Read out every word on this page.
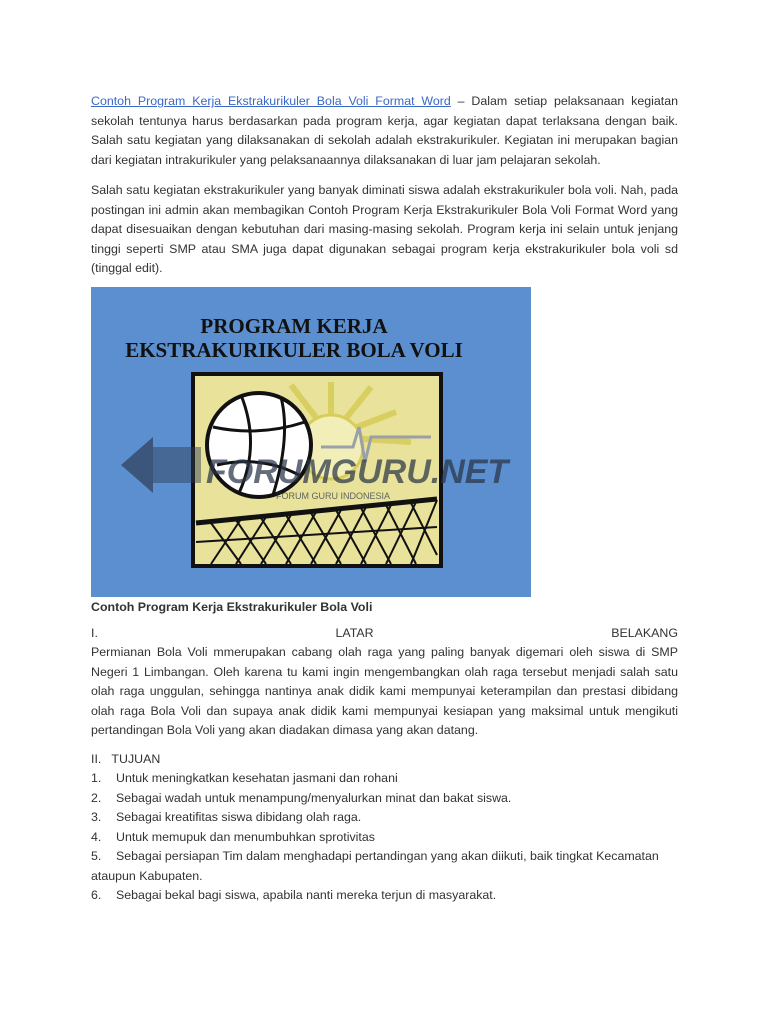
Contoh Program Kerja Ekstrakurikuler Bola Voli Format Word – Dalam setiap pelaksanaan kegiatan sekolah tentunya harus berdasarkan pada program kerja, agar kegiatan dapat terlaksana dengan baik. Salah satu kegiatan yang dilaksanakan di sekolah adalah ekstrakurikuler. Kegiatan ini merupakan bagian dari kegiatan intrakurikuler yang pelaksanaannya dilaksanakan di luar jam pelajaran sekolah.

Salah satu kegiatan ekstrakurikuler yang banyak diminati siswa adalah ekstrakurikuler bola voli. Nah, pada postingan ini admin akan membagikan Contoh Program Kerja Ekstrakurikuler Bola Voli Format Word yang dapat disesuaikan dengan kebutuhan dari masing-masing sekolah. Program kerja ini selain untuk jenjang tinggi seperti SMP atau SMA juga dapat digunakan sebagai program kerja ekstrakurikuler bola voli sd (tinggal edit).

PROGRAM KERJA
EKSTRAKURIKULER BOLA VOLI
FORUMGURU.NET
FORUM GURU INDONESIA
Contoh Program Kerja Ekstrakurikuler Bola Voli
I.	LATAR	BELAKANG

Permianan Bola Voli mmerupakan cabang olah raga yang paling banyak digemari oleh siswa di SMP Negeri 1 Limbangan. Oleh karena tu kami ingin mengembangkan olah raga tersebut menjadi salah satu olah raga unggulan, sehingga nantinya anak didik kami mempunyai keterampilan dan prestasi dibidang olah raga Bola Voli dan supaya anak didik kami mempunyai kesiapan yang maksimal untuk mengikuti pertandingan Bola Voli yang akan diadakan dimasa yang akan datang.

II.   TUJUAN
1. Untuk meningkatkan kesehatan jasmani dan rohani
2. Sebagai wadah untuk menampung/menyalurkan minat dan bakat siswa.
3. Sebagai kreatifitas siswa dibidang olah raga.
4. Untuk memupuk dan menumbuhkan sprotivitas
5. Sebagai persiapan Tim dalam menghadapi pertandingan yang akan diikuti, baik tingkat Kecamatan ataupun Kabupaten.
6. Sebagai bekal bagi siswa, apabila nanti mereka terjun di masyarakat.
